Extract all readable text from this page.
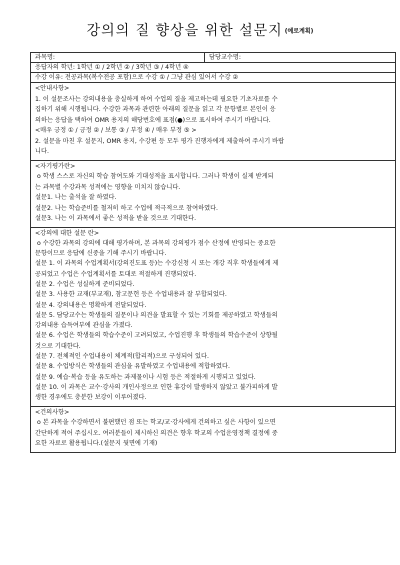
강의의 질 향상을 위한 설문지 $^{(예로계획)}$
과목명:	담당교수명:
응답자의 학년: 1학년 ① / 2학년 ② / 3학년 ③ / 4학년 ④
수강 이유: 전공과목(복수전공 포함)으로 수강 ① / 그냥 관심 있어서 수강 ②
<안내사항>

1. 이 설문조사는 강의내용을 충실하게 하여 수업의 질을 제고하는데 필요한 기초자료를 수

집하기 위해 시행됩니다. 수강한 과목과 관련한 아래의 질문을 읽고 각 문항별로 본인이 응

의하는 응답을 택하여 OMR 용지의 해당번호에 표점(●)으로 표시하여 주시기 바랍니다.

<매우 긍정 ① / 긍정 ② / 보통 ③ / 부정 ④ / 매우 부정 ⑤ >

2. 설문을 마친 후 설문지, OMR 용지, 수강편 등 모두 평가 진행자에게 제출하여 주시기 바랍

니다.

<자기평가란>

o 학생 스스로 자신의 학습 참여도와 기대성적을 표시합니다. 그러나 학생이 실제 받게되

는 과목별 수강과목 성적에는 영향을 미치지 않습니다.

설문1. 나는 출석을 잘 하였다.

설문2. 나는 학습준비를 철저히 하고 수업에 적극적으로 참여하였다.

설문3. 나는 이 과목에서 좋은 성적을 받을 것으로 기대한다.

<강의에 대한 설문 란>

o 수강한 과목의 강의에 대해 평가하며, 본 과목의 강의평가 점수 산정에 반영되는 중요한

문항이므로 응답에 신중을 기해 주시기 바랍니다.

설문 1. 이 과목의 수업계획서(강의진도표 등)는 수강신청 시 또는 개강 직후 학생들에게 제

공되었고 수업은 수업계획서를 토대로 적절하게 진행되었다.

설문 2. 수업은 성실하게 준비되었다.

설문 3. 사용한 교재(부교재), 참고문헌 등은 수업내용과 잘 부합되었다.

설문 4. 강의내용은 명확하게 전달되었다.

설문 5. 담당교수는 학생들의 질문이나 의견을 발표할 수 있는 기회를 제공하였고 학생들의

강의내용 습득여부에 관심을 가졌다.

설문 6. 수업은 학생들의 학습수준이 고려되었고, 수업진행 후 학생들의 학습수준이 상향될

것으로 기대한다.

설문 7. 전체적인 수업내용이 체계적(합리적)으로 구성되어 있다.

설문 8. 수업방식은 학생들의 관심을 유발하였고 수업내용에 적합하였다.

설문 9. 예습·복습 등을 유도하는 과제물이나 시험 등은 적절하게 시행되고 있었다.

설문 10. 이 과목은 교수·강사의 개인사정으로 인한 휴강이 발생하지 않았고 불가피하게 발

생한 경우에도 충분한 보강이 이루어졌다.

<건의사항>

o 본 과목을 수강하면서 불편했던 점 또는 학교/교·강사에게 건의하고 싶은 사항이 있으면

간단하게 적어 주십시오. 여러분들이 제시하신 의견은 향후 학교의 수업운영정책 결정에 중

요한 자료로 활용됩니다.(설문지 뒷면에 기재)
